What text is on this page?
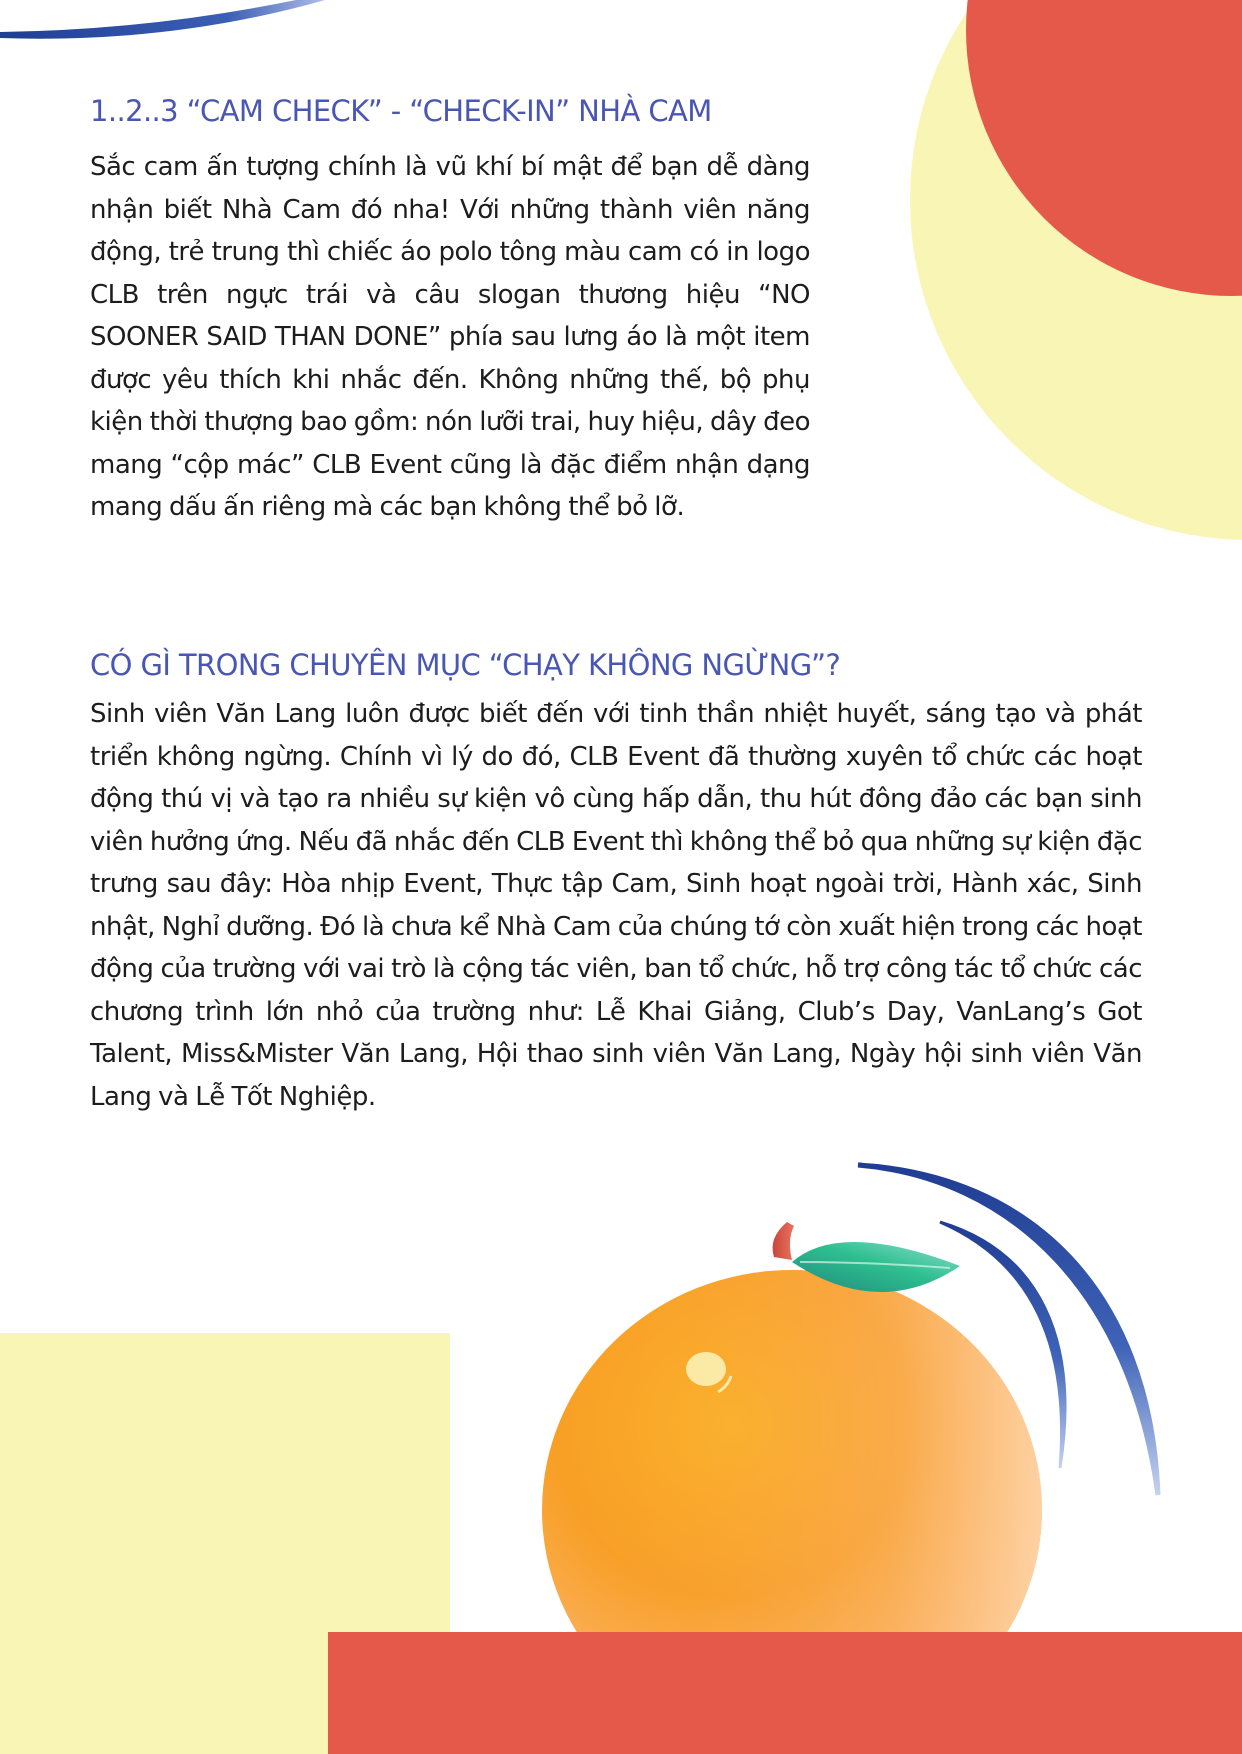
1..2..3 “CAM CHECK” - “CHECK-IN” NHÀ CAM

Sắc cam ấn tượng chính là vũ khí bí mật để bạn dễ dàng nhận biết Nhà Cam đó nha! Với những thành viên năng động, trẻ trung thì chiếc áo polo tông màu cam có in logo CLB trên ngực trái và câu slogan thương hiệu “NO SOONER SAID THAN DONE” phía sau lưng áo là một item được yêu thích khi nhắc đến. Không những thế, bộ phụ kiện thời thượng bao gồm: nón lưỡi trai, huy hiệu, dây đeo mang “cộp mác” CLB Event cũng là đặc điểm nhận dạng mang dấu ấn riêng mà các bạn không thể bỏ lỡ.

CÓ GÌ TRONG CHUYÊN MỤC “CHẠY KHÔNG NGỪNG”?

Sinh viên Văn Lang luôn được biết đến với tinh thần nhiệt huyết, sáng tạo và phát triển không ngừng. Chính vì lý do đó, CLB Event đã thường xuyên tổ chức các hoạt động thú vị và tạo ra nhiều sự kiện vô cùng hấp dẫn, thu hút đông đảo các bạn sinh viên hưởng ứng. Nếu đã nhắc đến CLB Event thì không thể bỏ qua những sự kiện đặc trưng sau đây: Hòa nhịp Event, Thực tập Cam, Sinh hoạt ngoài trời, Hành xác, Sinh nhật, Nghỉ dưỡng. Đó là chưa kể Nhà Cam của chúng tớ còn xuất hiện trong các hoạt động của trường với vai trò là cộng tác viên, ban tổ chức, hỗ trợ công tác tổ chức các chương trình lớn nhỏ của trường như: Lễ Khai Giảng, Club’s Day, VanLang’s Got Talent, Miss&Mister Văn Lang, Hội thao sinh viên Văn Lang, Ngày hội sinh viên Văn Lang và Lễ Tốt Nghiệp.
